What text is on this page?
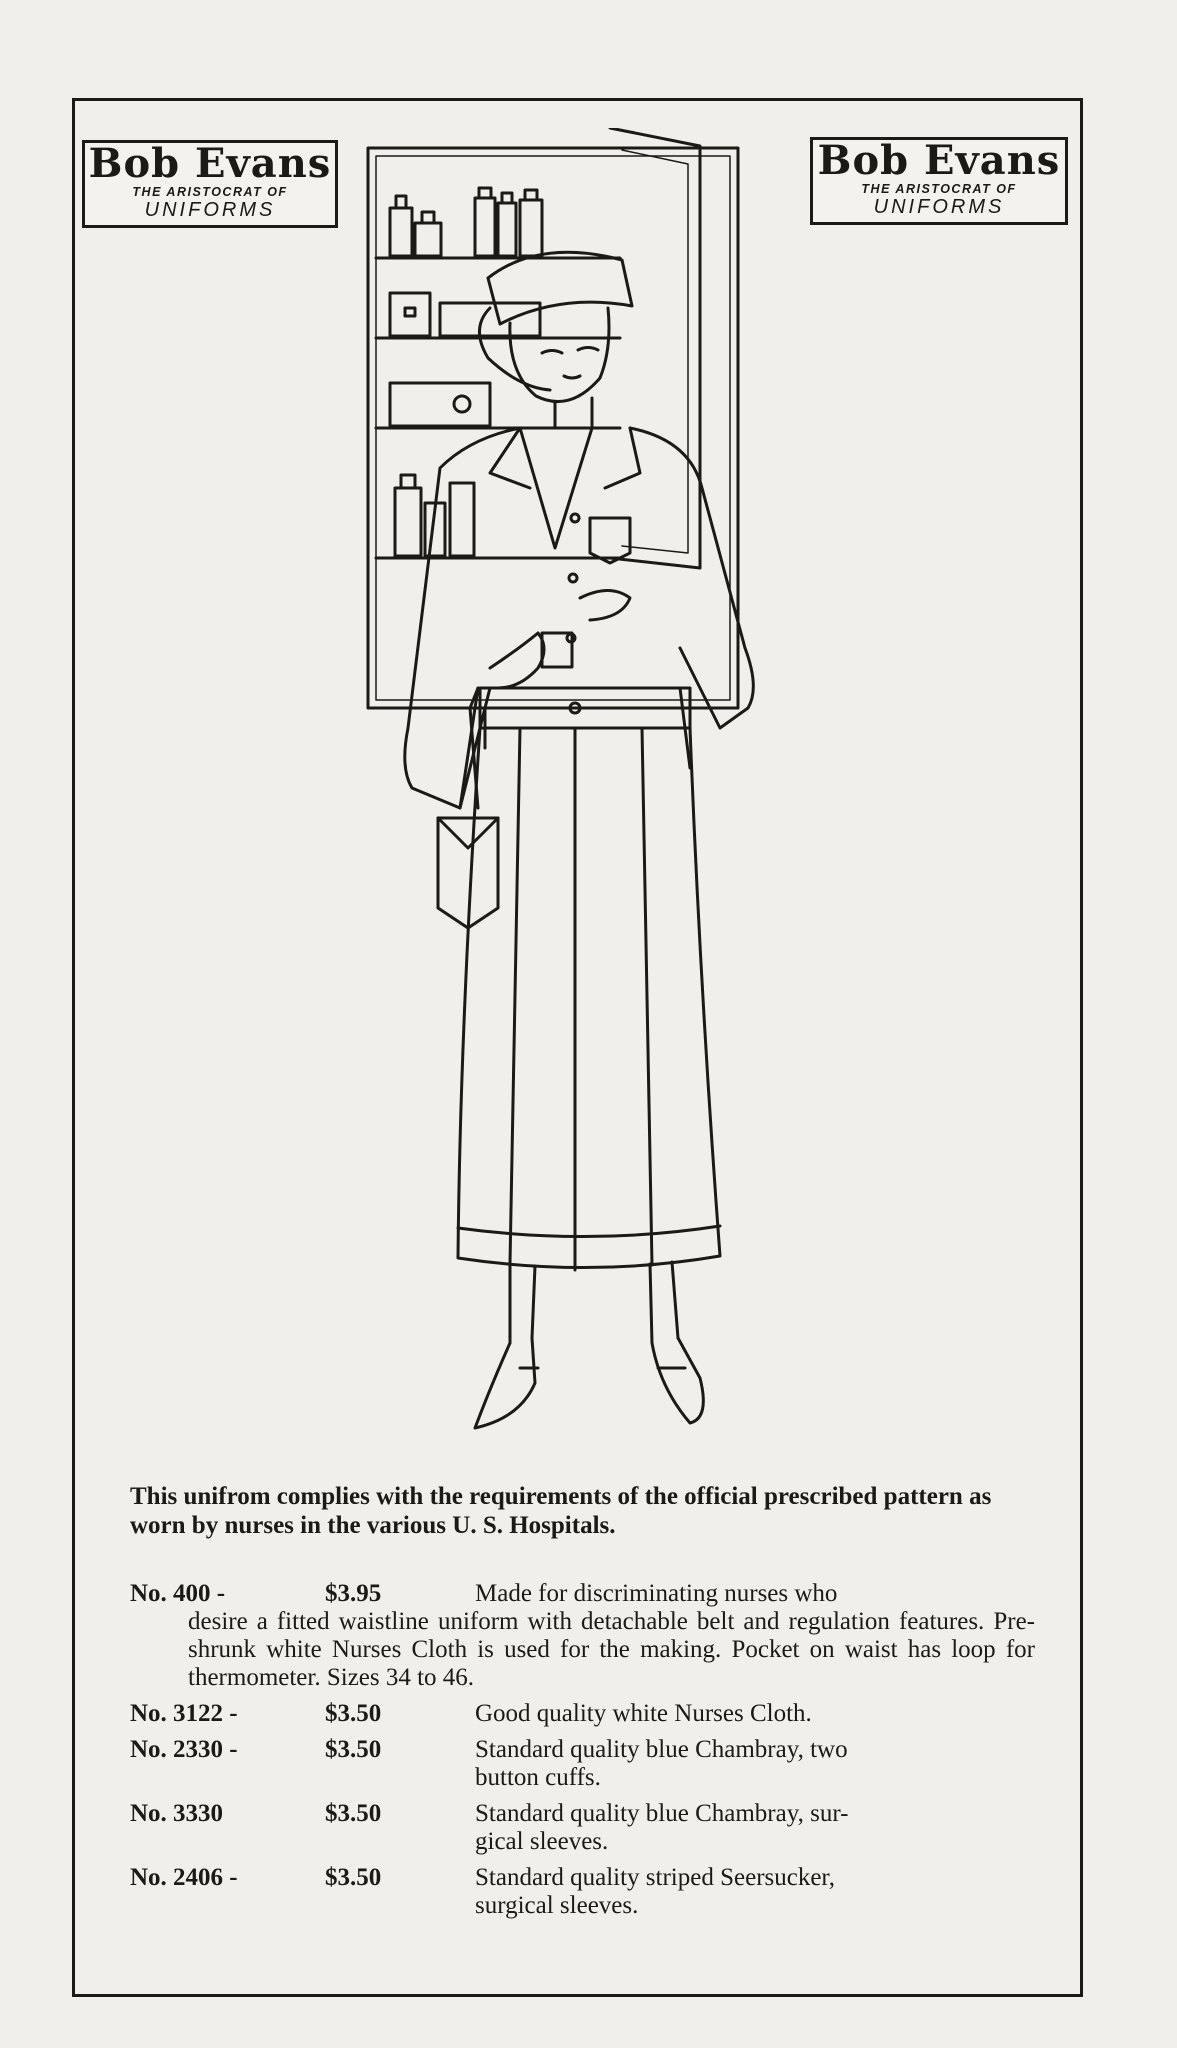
Bob Evans
THE ARISTOCRAT OF
UNIFORMS
Bob Evans
THE ARISTOCRAT OF
UNIFORMS
This unifrom complies with the requirements of the official prescribed pattern as worn by nurses in the various U. S. Hospitals.
No. 400 -	$3.95	Made for discriminating nurses who
desire a fitted waistline uniform with detachable belt and regulation features. Pre-shrunk white Nurses Cloth is used for the making. Pocket on waist has loop for thermometer. Sizes 34 to 46.
No. 3122 -	$3.50	Good quality white Nurses Cloth.
No. 2330 -	$3.50	Standard quality blue Chambray, two
button cuffs.
No. 3330	$3.50	Standard quality blue Chambray, sur-
gical sleeves.
No. 2406 -	$3.50	Standard quality striped Seersucker,
surgical sleeves.
